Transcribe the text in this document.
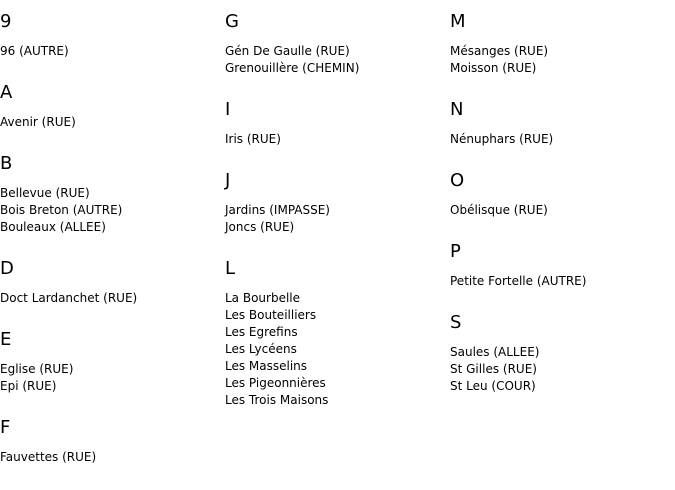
9
96 (AUTRE)
A
Avenir (RUE)
B
Bellevue (RUE)
Bois Breton (AUTRE)
Bouleaux (ALLEE)
D
Doct Lardanchet (RUE)
E
Eglise (RUE)
Epi (RUE)
F
Fauvettes (RUE)
G
Gén De Gaulle (RUE)
Grenouillère (CHEMIN)
I
Iris (RUE)
J
Jardins (IMPASSE)
Joncs (RUE)
L
La Bourbelle
Les Bouteilliers
Les Egrefins
Les Lycéens
Les Masselins
Les Pigeonnières
Les Trois Maisons
M
Mésanges (RUE)
Moisson (RUE)
N
Nénuphars (RUE)
O
Obélisque (RUE)
P
Petite Fortelle (AUTRE)
S
Saules (ALLEE)
St Gilles (RUE)
St Leu (COUR)
